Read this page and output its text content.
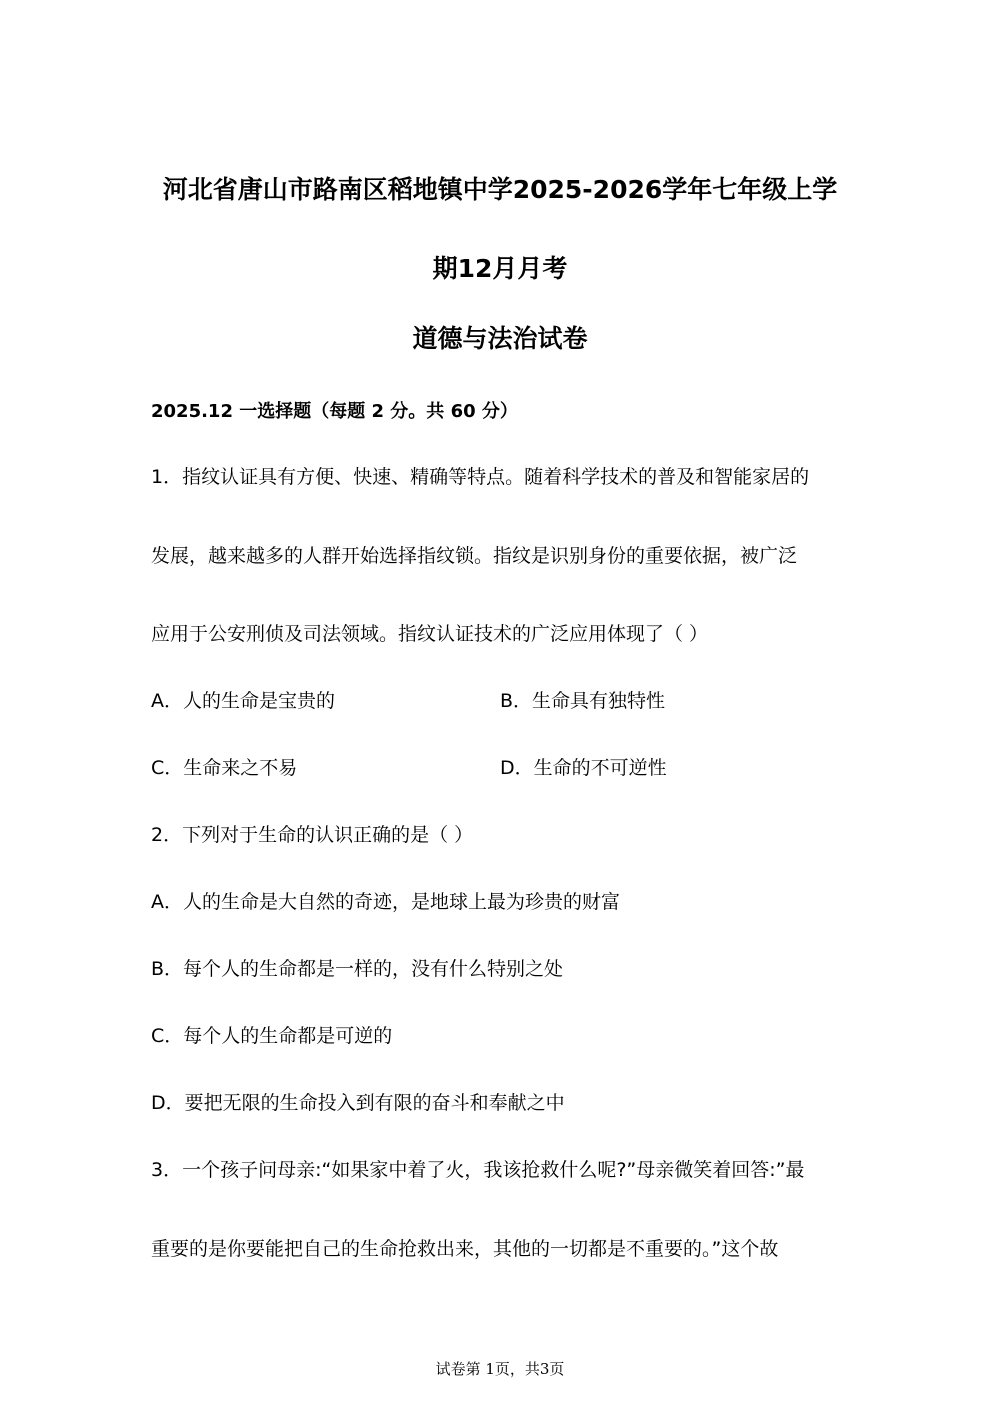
河北省唐山市路南区稻地镇中学2025-2026学年七年级上学
期12月月考
道德与法治试卷
2025.12 一选择题（每题 2 分。共 60 分）
1．指纹认证具有方便、快速、精确等特点。随着科学技术的普及和智能家居的
发展，越来越多的人群开始选择指纹锁。指纹是识别身份的重要依据，被广泛
应用于公安刑侦及司法领域。指纹认证技术的广泛应用体现了（ ）
A．人的生命是宝贵的	B．生命具有独特性
C．生命来之不易	D．生命的不可逆性
2．下列对于生命的认识正确的是（ ）
A．人的生命是大自然的奇迹，是地球上最为珍贵的财富
B．每个人的生命都是一样的，没有什么特别之处
C．每个人的生命都是可逆的
D．要把无限的生命投入到有限的奋斗和奉献之中
3．一个孩子问母亲:“如果家中着了火，我该抢救什么呢?”母亲微笑着回答:”最
重要的是你要能把自己的生命抢救出来，其他的一切都是不重要的。”这个故
试卷第 1页，共3页
